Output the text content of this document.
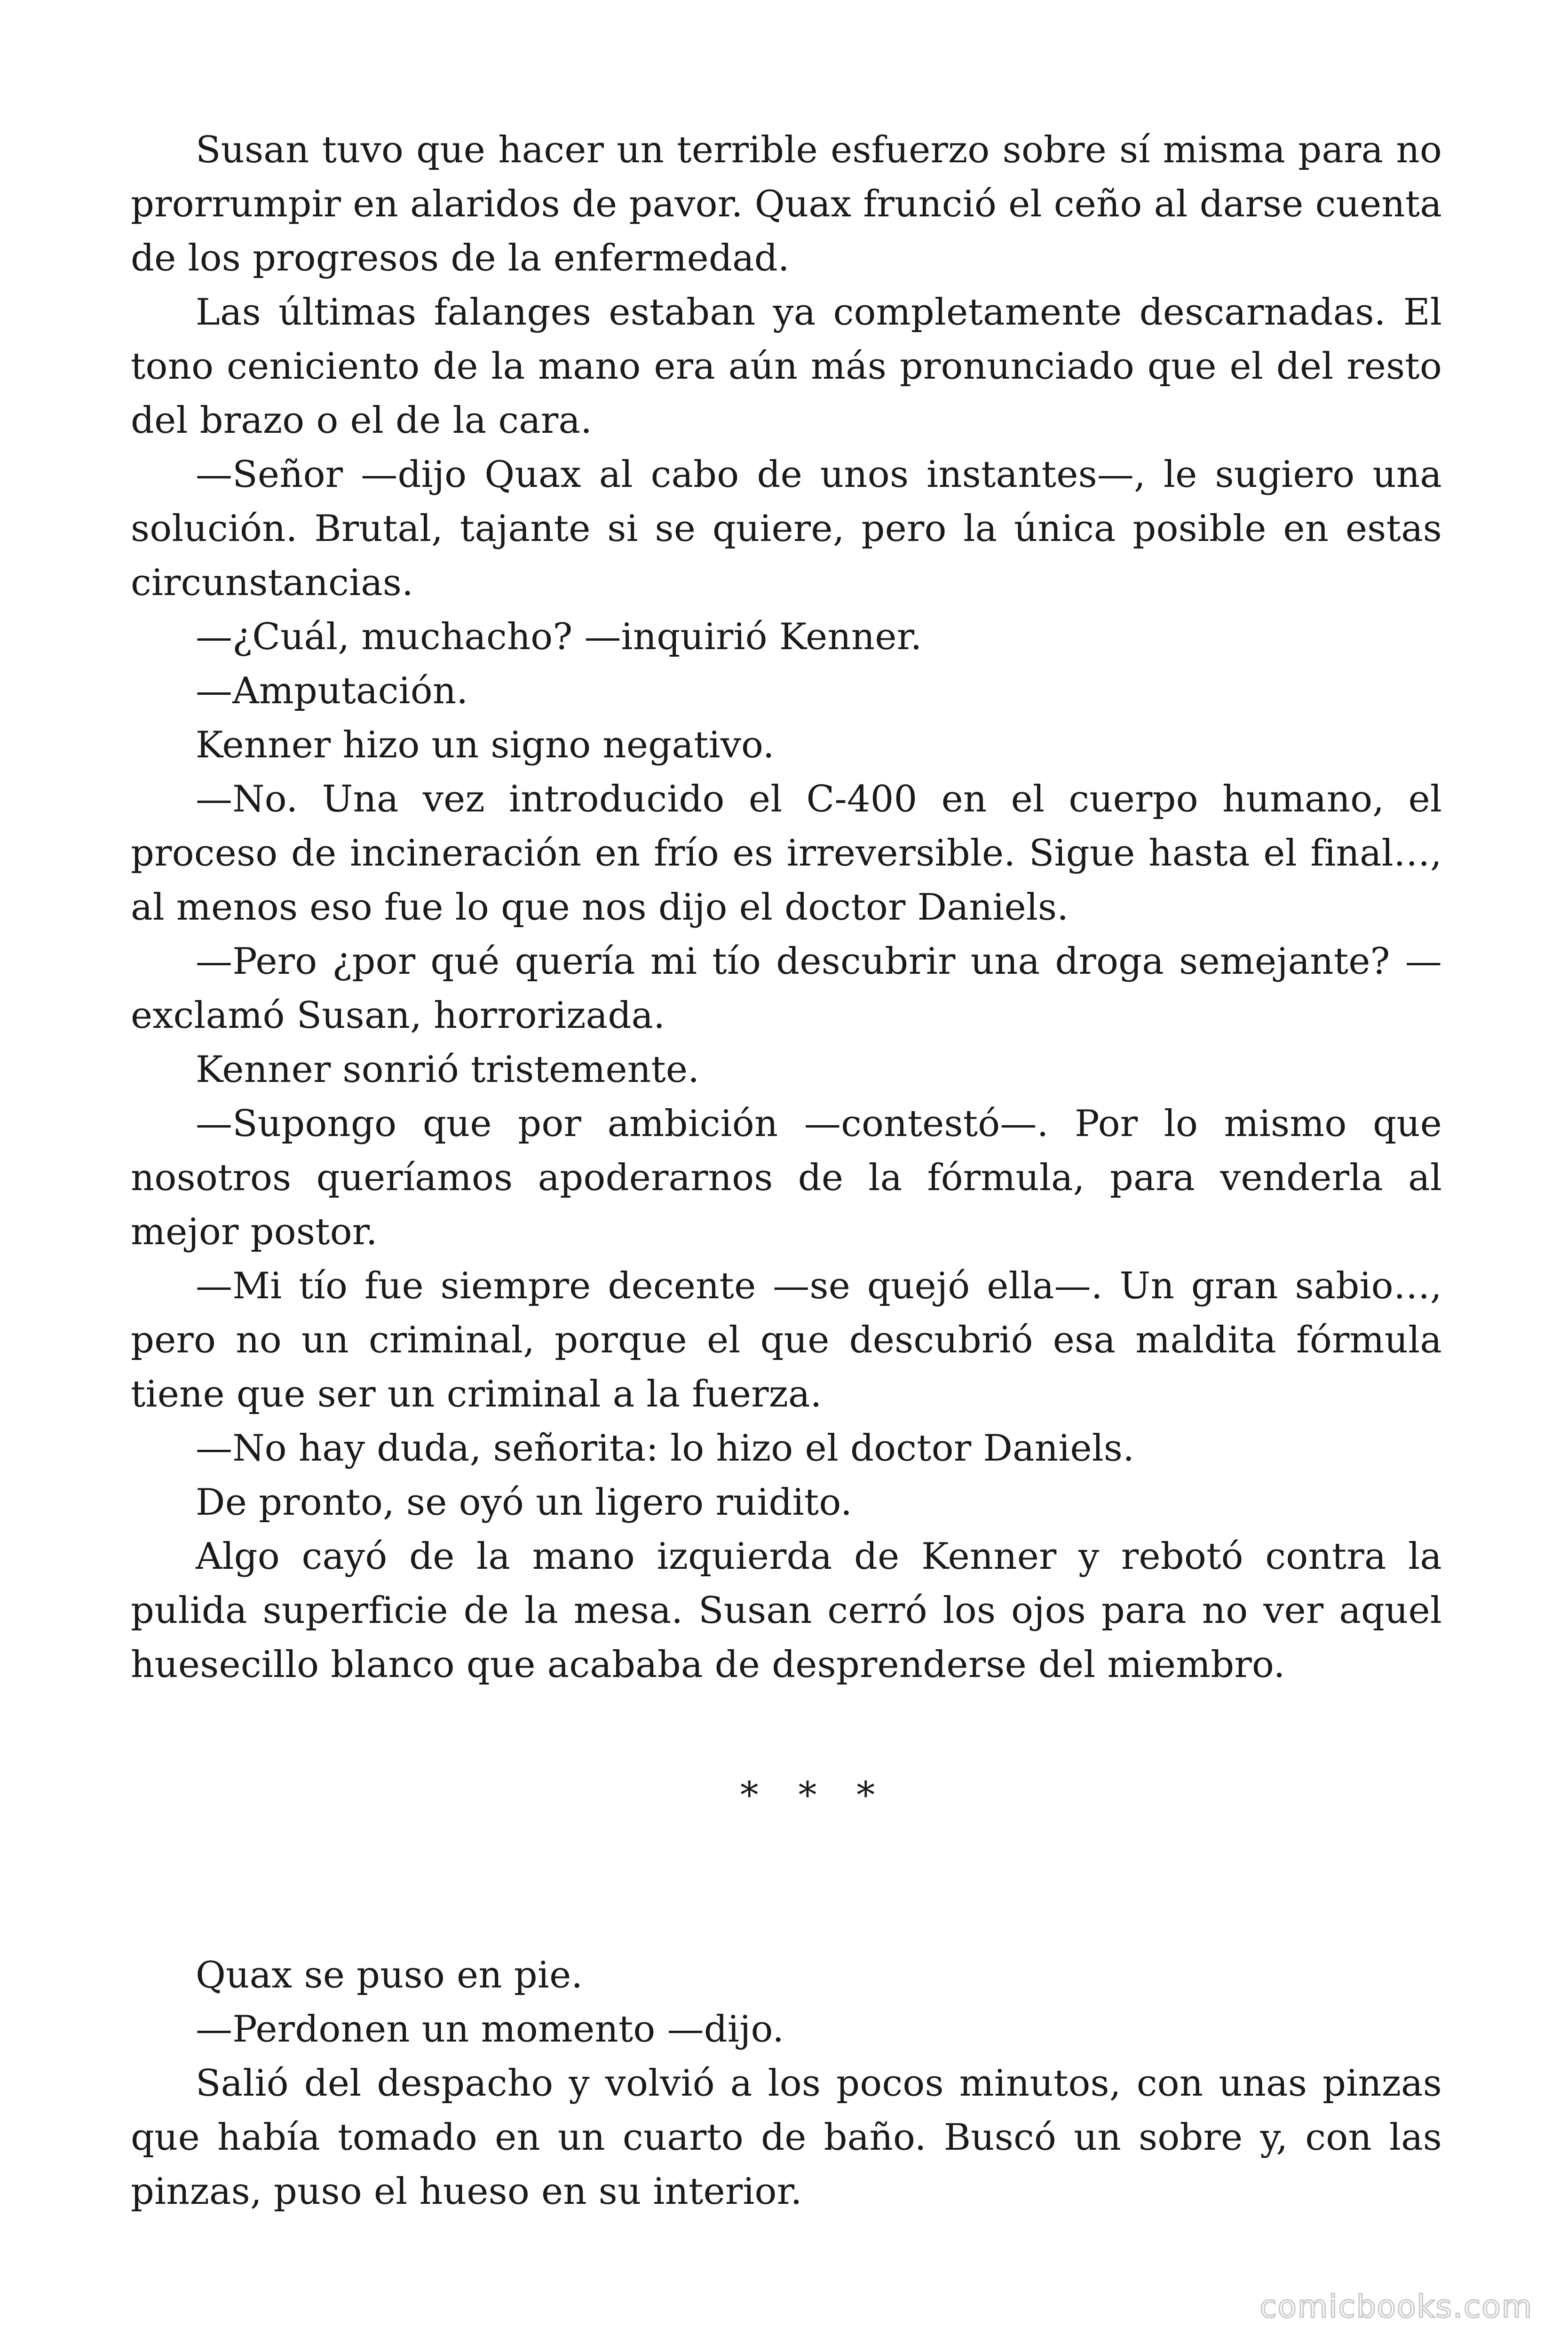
Susan tuvo que hacer un terrible esfuerzo sobre sí misma para no prorrumpir en alaridos de pavor. Quax frunció el ceño al darse cuenta de los progresos de la enfermedad.

Las últimas falanges estaban ya completamente descarnadas. El tono ceniciento de la mano era aún más pronunciado que el del resto del brazo o el de la cara.

—Señor —dijo Quax al cabo de unos instantes—, le sugiero una solución. Brutal, tajante si se quiere, pero la única posible en estas circunstancias.

—¿Cuál, muchacho? —inquirió Kenner.

—Amputación.

Kenner hizo un signo negativo.

—No. Una vez introducido el C-400 en el cuerpo humano, el proceso de incineración en frío es irreversible. Sigue hasta el final…, al menos eso fue lo que nos dijo el doctor Daniels.

—Pero ¿por qué quería mi tío descubrir una droga semejante? —exclamó Susan, horrorizada.

Kenner sonrió tristemente.

—Supongo que por ambición —contestó—. Por lo mismo que nosotros queríamos apoderarnos de la fórmula, para venderla al mejor postor.

—Mi tío fue siempre decente —se quejó ella—. Un gran sabio…, pero no un criminal, porque el que descubrió esa maldita fórmula tiene que ser un criminal a la fuerza.

—No hay duda, señorita: lo hizo el doctor Daniels.

De pronto, se oyó un ligero ruidito.

Algo cayó de la mano izquierda de Kenner y rebotó contra la pulida superficie de la mesa. Susan cerró los ojos para no ver aquel huesecillo blanco que acababa de desprenderse del miembro.

* * *

Quax se puso en pie.

—Perdonen un momento —dijo.

Salió del despacho y volvió a los pocos minutos, con unas pinzas que había tomado en un cuarto de baño. Buscó un sobre y, con las pinzas, puso el hueso en su interior.

comicbooks.com
